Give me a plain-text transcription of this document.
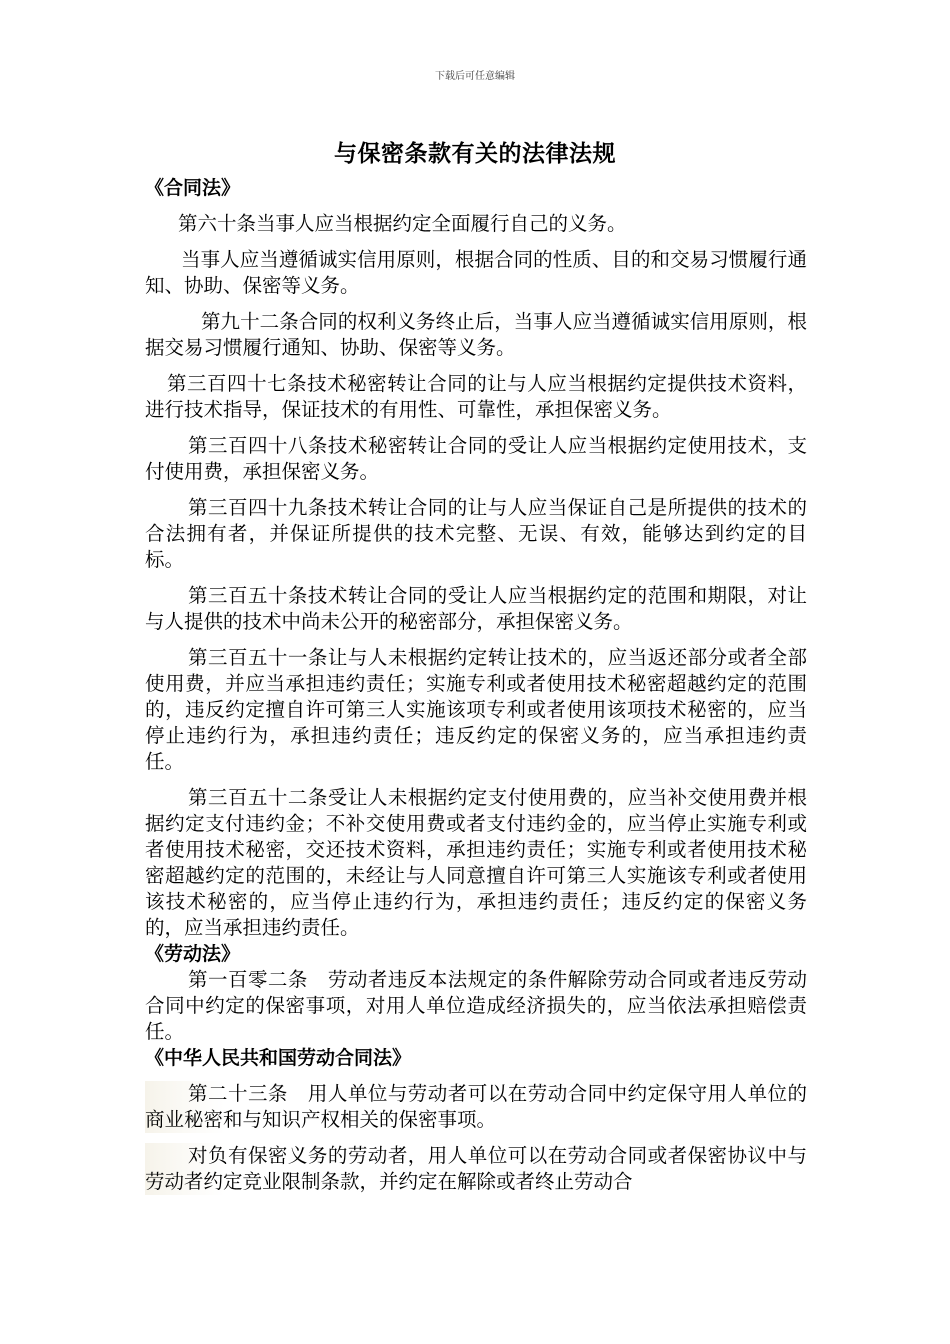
下载后可任意编辑
与保密条款有关的法律法规
《合同法》

第六十条当事人应当根据约定全面履行自己的义务。

当事人应当遵循诚实信用原则，根据合同的性质、目的和交易习惯履行通知、协助、保密等义务。

第九十二条合同的权利义务终止后，当事人应当遵循诚实信用原则，根据交易习惯履行通知、协助、保密等义务。

第三百四十七条技术秘密转让合同的让与人应当根据约定提供技术资料，进行技术指导，保证技术的有用性、可靠性，承担保密义务。

第三百四十八条技术秘密转让合同的受让人应当根据约定使用技术，支付使用费，承担保密义务。

第三百四十九条技术转让合同的让与人应当保证自己是所提供的技术的合法拥有者，并保证所提供的技术完整、无误、有效，能够达到约定的目标。

第三百五十条技术转让合同的受让人应当根据约定的范围和期限，对让与人提供的技术中尚未公开的秘密部分，承担保密义务。

第三百五十一条让与人未根据约定转让技术的，应当返还部分或者全部使用费，并应当承担违约责任；实施专利或者使用技术秘密超越约定的范围的，违反约定擅自许可第三人实施该项专利或者使用该项技术秘密的，应当停止违约行为，承担违约责任；违反约定的保密义务的，应当承担违约责任。

第三百五十二条受让人未根据约定支付使用费的，应当补交使用费并根据约定支付违约金；不补交使用费或者支付违约金的，应当停止实施专利或者使用技术秘密，交还技术资料，承担违约责任；实施专利或者使用技术秘密超越约定的范围的，未经让与人同意擅自许可第三人实施该专利或者使用该技术秘密的，应当停止违约行为，承担违约责任；违反约定的保密义务的，应当承担违约责任。

《劳动法》

第一百零二条　劳动者违反本法规定的条件解除劳动合同或者违反劳动合同中约定的保密事项，对用人单位造成经济损失的，应当依法承担赔偿责任。

《中华人民共和国劳动合同法》

第二十三条　用人单位与劳动者可以在劳动合同中约定保守用人单位的商业秘密和与知识产权相关的保密事项。

对负有保密义务的劳动者，用人单位可以在劳动合同或者保密协议中与劳动者约定竞业限制条款，并约定在解除或者终止劳动合
